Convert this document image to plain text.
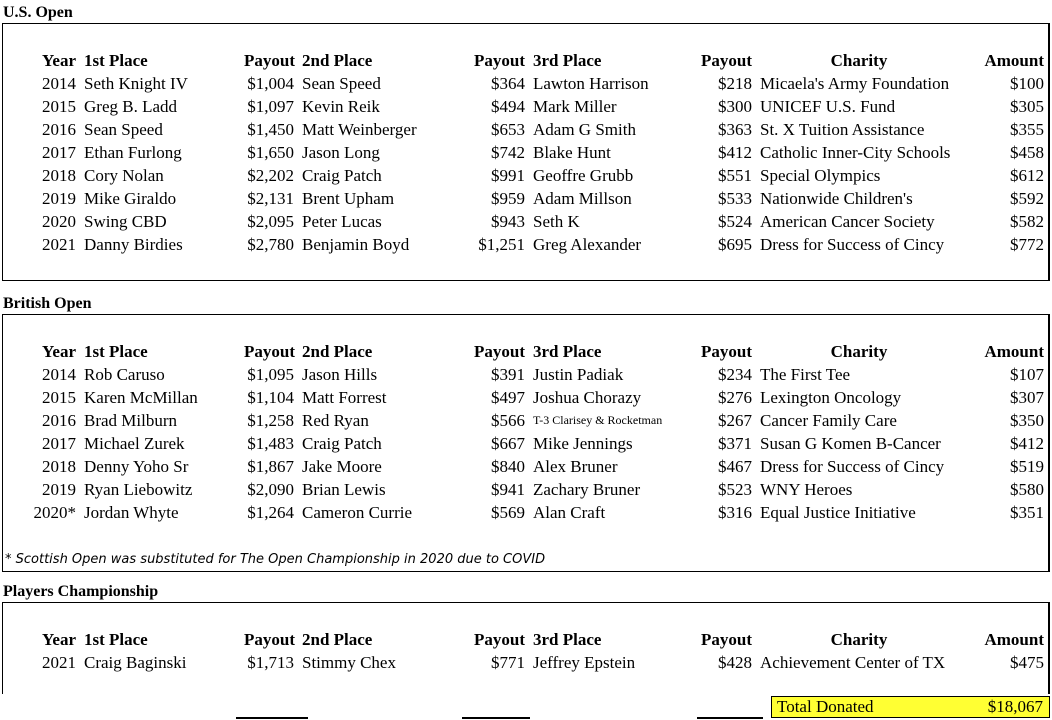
U.S. Open
Year	1st Place	Payout	2nd Place	Payout	3rd Place	Payout	Charity	Amount
2014	Seth Knight IV	$1,004	Sean Speed	$364	Lawton Harrison	$218	Micaela's Army Foundation	$100
2015	Greg B. Ladd	$1,097	Kevin Reik	$494	Mark Miller	$300	UNICEF U.S. Fund	$305
2016	Sean Speed	$1,450	Matt Weinberger	$653	Adam G Smith	$363	St. X Tuition Assistance	$355
2017	Ethan Furlong	$1,650	Jason Long	$742	Blake Hunt	$412	Catholic Inner-City Schools	$458
2018	Cory Nolan	$2,202	Craig Patch	$991	Geoffre Grubb	$551	Special Olympics	$612
2019	Mike Giraldo	$2,131	Brent Upham	$959	Adam Millson	$533	Nationwide Children's	$592
2020	Swing CBD	$2,095	Peter Lucas	$943	Seth K	$524	American Cancer Society	$582
2021	Danny Birdies	$2,780	Benjamin Boyd	$1,251	Greg Alexander	$695	Dress for Success of Cincy	$772
British Open
Year	1st Place	Payout	2nd Place	Payout	3rd Place	Payout	Charity	Amount
2014	Rob Caruso	$1,095	Jason Hills	$391	Justin Padiak	$234	The First Tee	$107
2015	Karen McMillan	$1,104	Matt Forrest	$497	Joshua Chorazy	$276	Lexington Oncology	$307
2016	Brad Milburn	$1,258	Red Ryan	$566	T-3 Clarisey & Rocketman	$267	Cancer Family Care	$350
2017	Michael Zurek	$1,483	Craig Patch	$667	Mike Jennings	$371	Susan G Komen B-Cancer	$412
2018	Denny Yoho Sr	$1,867	Jake Moore	$840	Alex Bruner	$467	Dress for Success of Cincy	$519
2019	Ryan Liebowitz	$2,090	Brian Lewis	$941	Zachary Bruner	$523	WNY Heroes	$580
2020*	Jordan Whyte	$1,264	Cameron Currie	$569	Alan Craft	$316	Equal Justice Initiative	$351
* Scottish Open was substituted for The Open Championship in 2020 due to COVID
Players Championship
Year	1st Place	Payout	2nd Place	Payout	3rd Place	Payout	Charity	Amount
2021	Craig Baginski	$1,713	Stimmy Chex	$771	Jeffrey Epstein	$428	Achievement Center of TX	$475
Total Donated	$18,067
